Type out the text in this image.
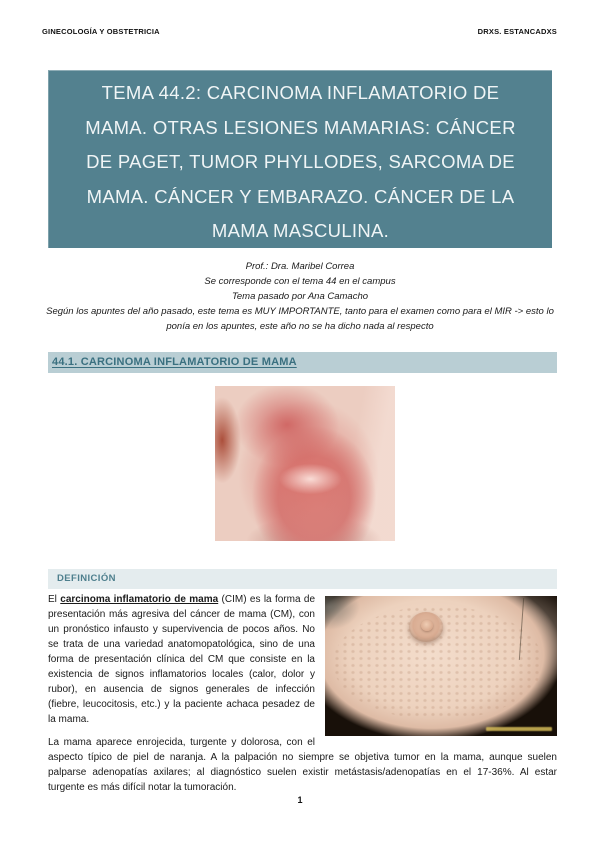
GINECOLOGÍA Y OBSTETRICIA	DRXS. ESTANCADXS
TEMA 44.2: CARCINOMA INFLAMATORIO DE
MAMA. OTRAS LESIONES MAMARIAS: CÁNCER
DE PAGET, TUMOR PHYLLODES, SARCOMA DE
MAMA. CÁNCER Y EMBARAZO. CÁNCER DE LA
MAMA MASCULINA.
Prof.: Dra. Maribel Correa
Se corresponde con el tema 44 en el campus
Tema pasado por Ana Camacho
Según los apuntes del año pasado, este tema es MUY IMPORTANTE, tanto para el examen como para el MIR -> esto lo ponía en los apuntes, este año no se ha dicho nada al respecto
44.1. CARCINOMA INFLAMATORIO DE MAMA
DEFINICIÓN

El carcinoma inflamatorio de mama (CIM) es la forma de presentación más agresiva del cáncer de mama (CM), con un pronóstico infausto y supervivencia de pocos años. No se trata de una variedad anatomopatológica, sino de una forma de presentación clínica del CM que consiste en la existencia de signos inflamatorios locales (calor, dolor y rubor), en ausencia de signos generales de infección (fiebre, leucocitosis, etc.) y la paciente achaca pesadez de la mama.

La mama aparece enrojecida, turgente y dolorosa, con el aspecto típico de piel de naranja. A la palpación no siempre se objetiva tumor en la mama, aunque suelen palparse adenopatías axilares; al diagnóstico suelen existir metástasis/adenopatías en el 17-36%. Al estar turgente es más difícil notar la tumoración.

1
